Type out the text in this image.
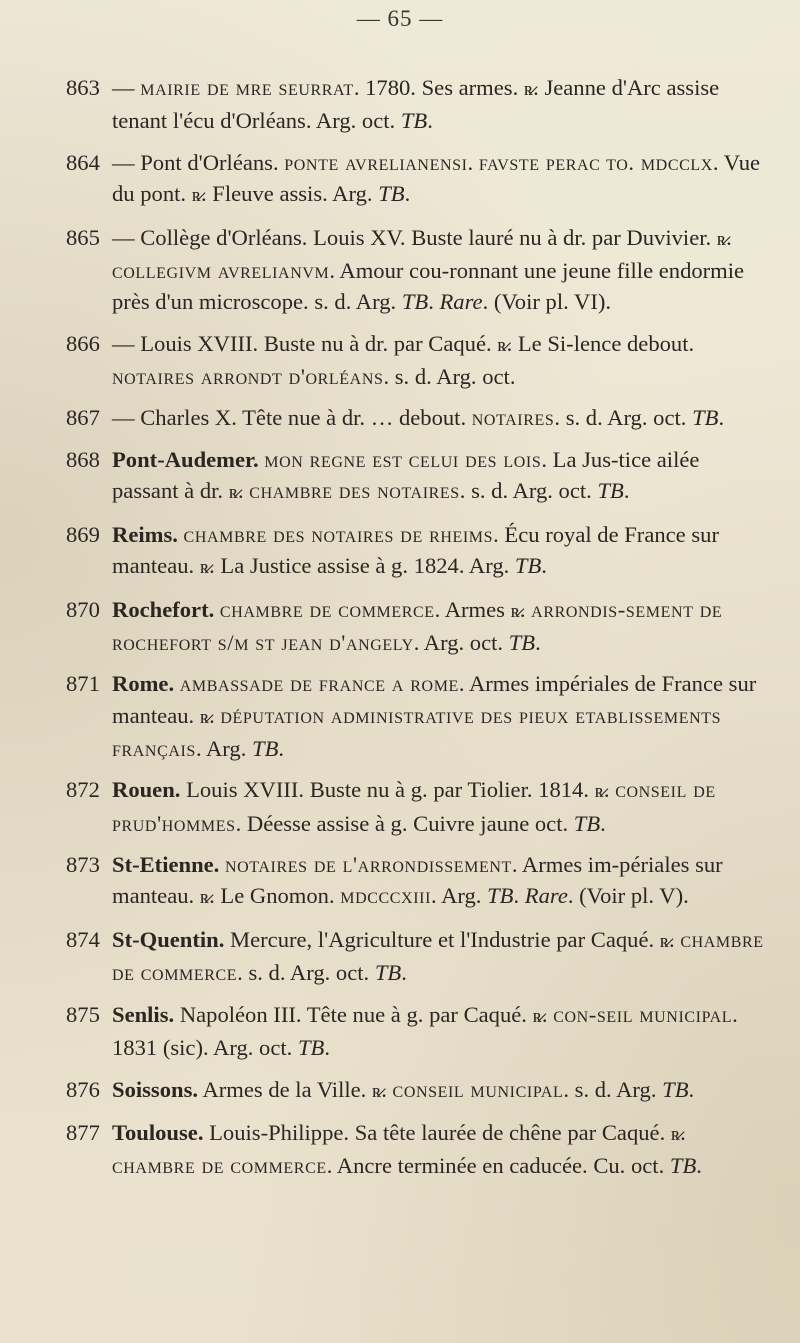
— 65 —

863 — mairie de mre seurrat. 1780. Ses armes. ʀ̷. Jeanne d'Arc assise tenant l'écu d'Orléans. Arg. oct. TB.

864 — Pont d'Orléans. ponte avrelianensi. favste perac to. mdcclx. Vue du pont. ʀ̷. Fleuve assis. Arg. TB.

865 — Collège d'Orléans. Louis XV. Buste lauré nu à dr. par Duvivier. ʀ̷. collegivm avrelianvm. Amour cou-ronnant une jeune fille endormie près d'un microscope. s. d. Arg. TB. Rare. (Voir pl. VI).

866 — Louis XVIII. Buste nu à dr. par Caqué. ʀ̷. Le Si-lence debout. notaires arrondt d'orléans. s. d. Arg. oct.

867 — Charles X. Tête nue à dr. … debout. notaires. s. d. Arg. oct. TB.

868 Pont-Audemer. mon regne est celui des lois. La Jus-tice ailée passant à dr. ʀ̷. chambre des notaires. s. d. Arg. oct. TB.

869 Reims. chambre des notaires de rheims. Écu royal de France sur manteau. ʀ̷. La Justice assise à g. 1824. Arg. TB.

870 Rochefort. chambre de commerce. Armes ʀ̷. arrondis-sement de rochefort s/m st jean d'angely. Arg. oct. TB.

871 Rome. ambassade de france a rome. Armes impériales de France sur manteau. ʀ̷. députation administrative des pieux etablissements français. Arg. TB.

872 Rouen. Louis XVIII. Buste nu à g. par Tiolier. 1814. ʀ̷. conseil de prud'hommes. Déesse assise à g. Cuivre jaune oct. TB.

873 St-Etienne. notaires de l'arrondissement. Armes im-périales sur manteau. ʀ̷. Le Gnomon. mdcccxiii. Arg. TB. Rare. (Voir pl. V).

874 St-Quentin. Mercure, l'Agriculture et l'Industrie par Caqué. ʀ̷. chambre de commerce. s. d. Arg. oct. TB.

875 Senlis. Napoléon III. Tête nue à g. par Caqué. ʀ̷. con-seil municipal. 1831 (sic). Arg. oct. TB.

876 Soissons. Armes de la Ville. ʀ̷. conseil municipal. s. d. Arg. TB.

877 Toulouse. Louis-Philippe. Sa tête laurée de chêne par Caqué. ʀ̷. chambre de commerce. Ancre terminée en caducée. Cu. oct. TB.
